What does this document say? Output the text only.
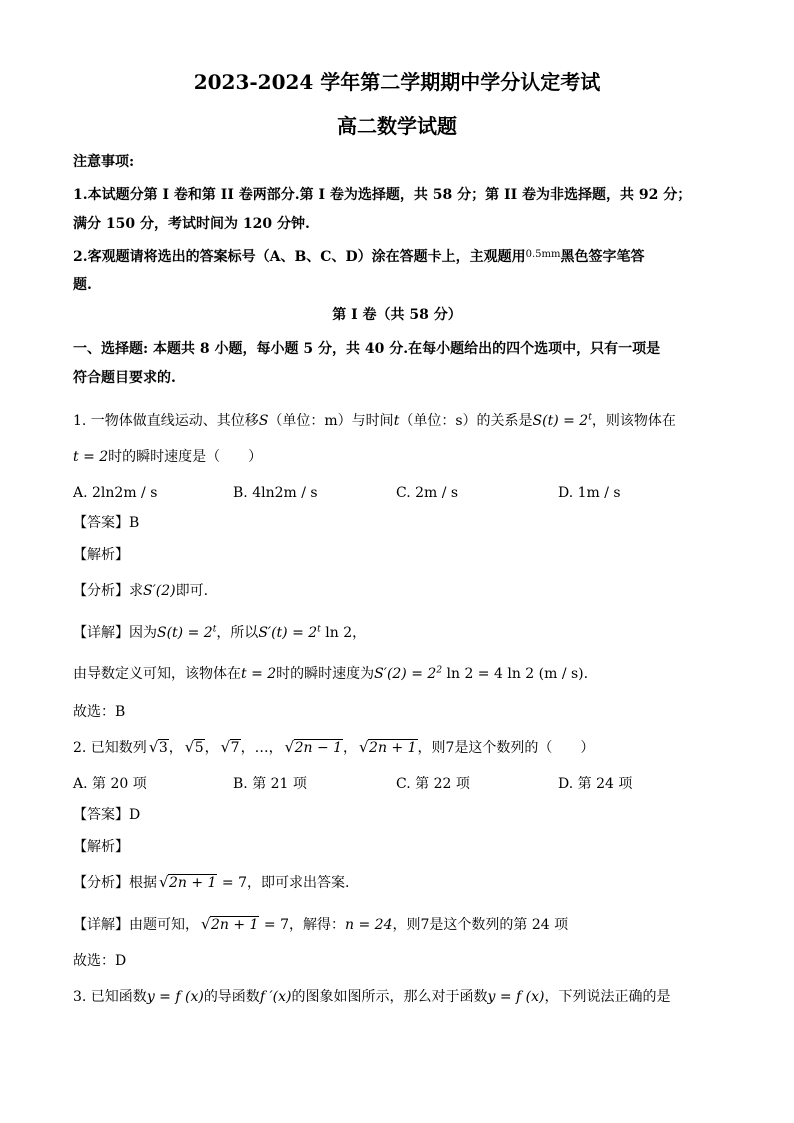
2023-2024 学年第二学期期中学分认定考试
高二数学试题
注意事项:
1.本试题分第 I 卷和第 II 卷两部分.第 I 卷为选择题，共 58 分；第 II 卷为非选择题，共 92 分；
满分 150 分，考试时间为 120 分钟.
2.客观题请将选出的答案标号（A、B、C、D）涂在答题卡上，主观题用$^{0.5mm}$黑色签字笔答
题.
第 I 卷（共 58 分）
一、选择题: 本题共 8 小题，每小题 5 分，共 40 分.在每小题给出的四个选项中，只有一项是
符合题目要求的.
1. 一物体做直线运动、其位移S（单位：m）与时间t（单位：s）的关系是$S(t) = 2^t$，则该物体在
t = 2时的瞬时速度是（　　）
A. 2ln2m / s	B. 4ln2m / s	C. 2m / s	D. 1m / s
【答案】B
【解析】
【分析】求S′(2)即可.
【详解】因为$S(t) = 2^t$，所以$S'(t) = 2^t$ ln 2，
由导数定义可知，该物体在t = 2时的瞬时速度为$S'(2) = 2^2$ ln 2 = 4 ln 2 (m / s).
故选：B
2. 已知数列 √ 3， √ 5， √ 7，…， √ 2n − 1， √ 2n + 1，则7是这个数列的（　　）
A. 第 20 项	B. 第 21 项	C. 第 22 项	D. 第 24 项
【答案】D
【解析】
【分析】根据 √ 2n + 1 = 7，即可求出答案.
【详解】由题可知， √ 2n + 1 = 7，解得：n = 24，则7是这个数列的第 24 项
故选：D
3. 已知函数y = f (x)的导函数f ′(x)的图象如图所示，那么对于函数y = f (x)，下列说法正确的是
